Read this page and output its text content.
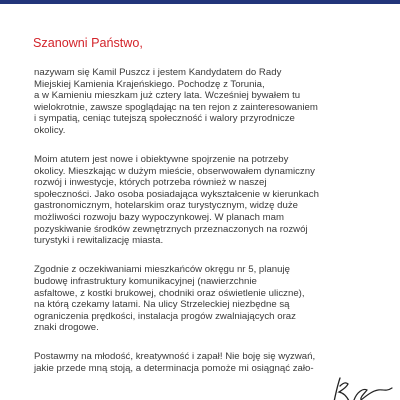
Szanowni Państwo,

nazywam się Kamil Puszcz i jestem Kandydatem do Rady
Miejskiej Kamienia Krajeńskiego. Pochodzę z Torunia,
a w Kamieniu mieszkam już cztery lata. Wcześniej bywałem tu
wielokrotnie, zawsze spoglądając na ten rejon z zainteresowaniem
i sympatią, ceniąc tutejszą społeczność i walory przyrodnicze
okolicy.

Moim atutem jest nowe i obiektywne spojrzenie na potrzeby
okolicy. Mieszkając w dużym mieście, obserwowałem dynamiczny
rozwój i inwestycje, których potrzeba również w naszej
społeczności. Jako osoba posiadająca wykształcenie w kierunkach
gastronomicznym, hotelarskim oraz turystycznym, widzę duże
możliwości rozwoju bazy wypoczynkowej. W planach mam
pozyskiwanie środków zewnętrznych przeznaczonych na rozwój
turystyki i rewitalizację miasta.

Zgodnie z oczekiwaniami mieszkańców okręgu nr 5, planuję
budowę infrastruktury komunikacyjnej (nawierzchnie
asfaltowe, z kostki brukowej, chodniki oraz oświetlenie uliczne),
na którą czekamy latami. Na ulicy Strzeleckiej niezbędne są
ograniczenia prędkości, instalacja progów zwalniających oraz
znaki drogowe.

Postawmy na młodość, kreatywność i zapał! Nie boję się wyzwań,
jakie przede mną stoją, a determinacja pomoże mi osiągnąć zało-
